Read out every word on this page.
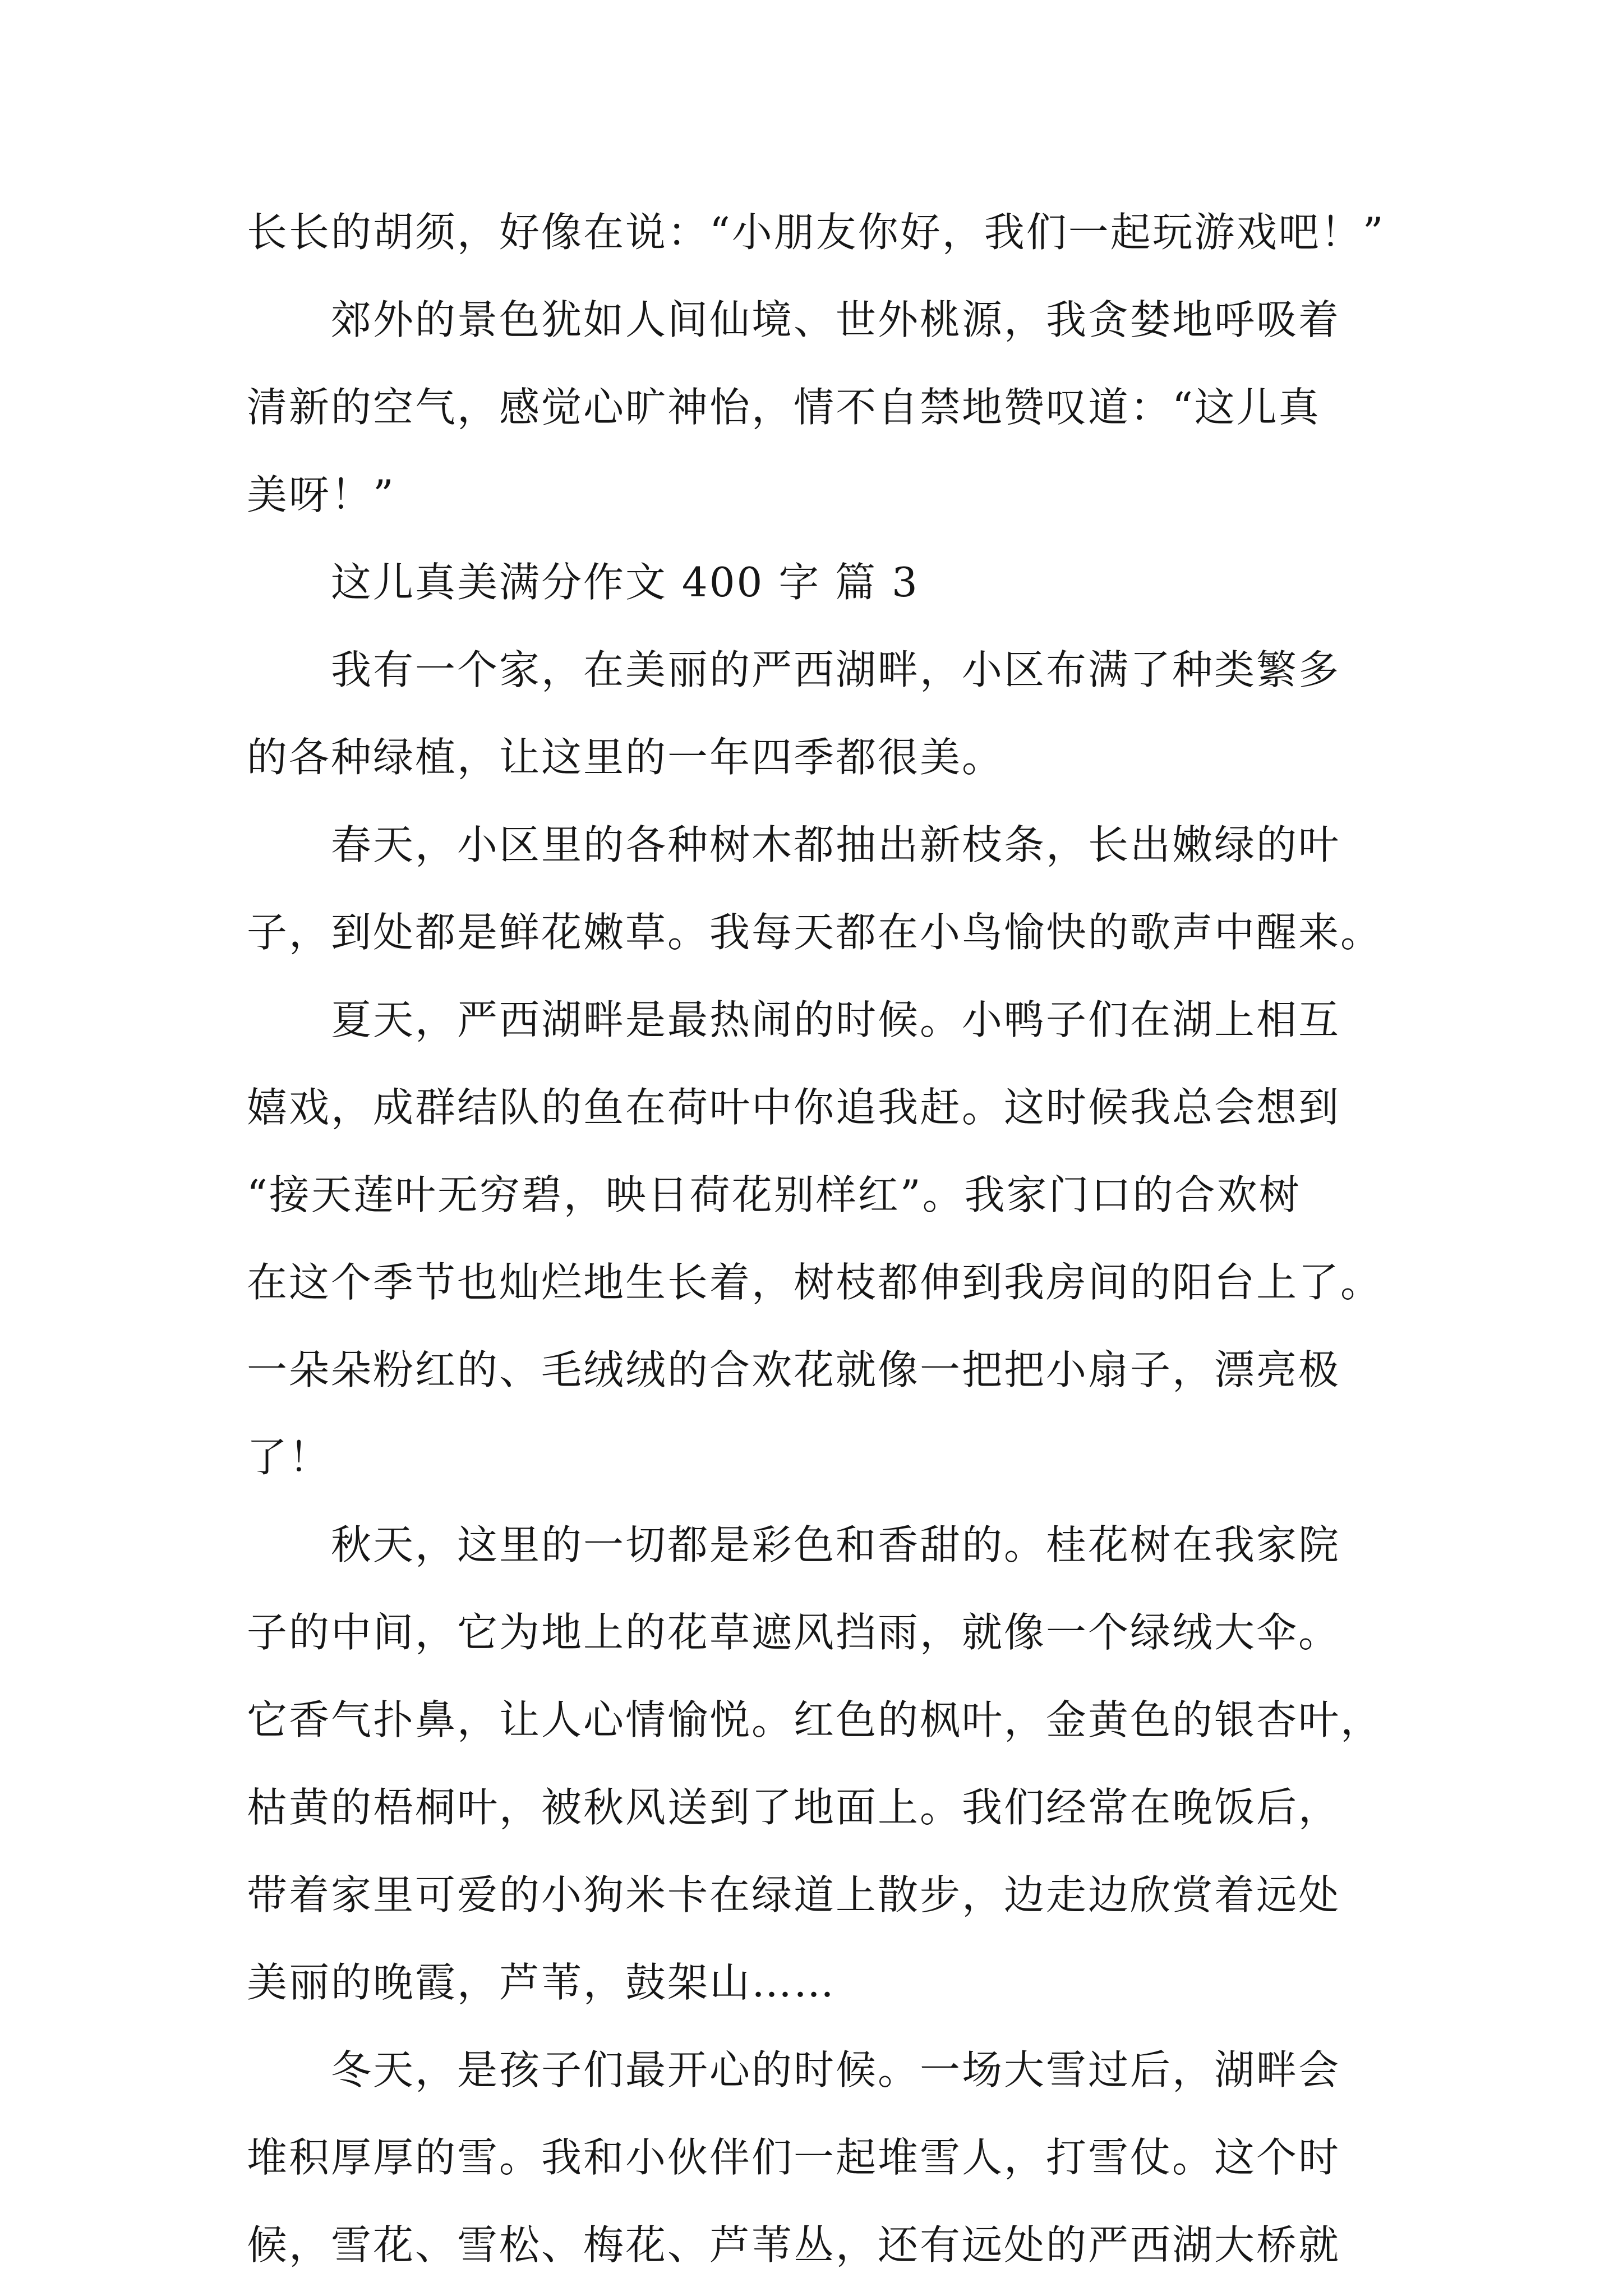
长长的胡须，好像在说：“小朋友你好，我们一起玩游戏吧！”
郊外的景色犹如人间仙境、世外桃源，我贪婪地呼吸着
清新的空气，感觉心旷神怡，情不自禁地赞叹道：“这儿真
美呀！”
这儿真美满分作文 400 字 篇 3
我有一个家，在美丽的严西湖畔，小区布满了种类繁多
的各种绿植，让这里的一年四季都很美。
春天，小区里的各种树木都抽出新枝条，长出嫩绿的叶
子，到处都是鲜花嫩草。我每天都在小鸟愉快的歌声中醒来。
夏天，严西湖畔是最热闹的时候。小鸭子们在湖上相互
嬉戏，成群结队的鱼在荷叶中你追我赶。这时候我总会想到
“接天莲叶无穷碧，映日荷花别样红”。我家门口的合欢树
在这个季节也灿烂地生长着，树枝都伸到我房间的阳台上了。
一朵朵粉红的、毛绒绒的合欢花就像一把把小扇子，漂亮极
了！
秋天，这里的一切都是彩色和香甜的。桂花树在我家院
子的中间，它为地上的花草遮风挡雨，就像一个绿绒大伞。
它香气扑鼻，让人心情愉悦。红色的枫叶，金黄色的银杏叶，
枯黄的梧桐叶，被秋风送到了地面上。我们经常在晚饭后，
带着家里可爱的小狗米卡在绿道上散步，边走边欣赏着远处
美丽的晚霞，芦苇，鼓架山……
冬天，是孩子们最开心的时候。一场大雪过后，湖畔会
堆积厚厚的雪。我和小伙伴们一起堆雪人，打雪仗。这个时
候，雪花、雪松、梅花、芦苇丛，还有远处的严西湖大桥就
